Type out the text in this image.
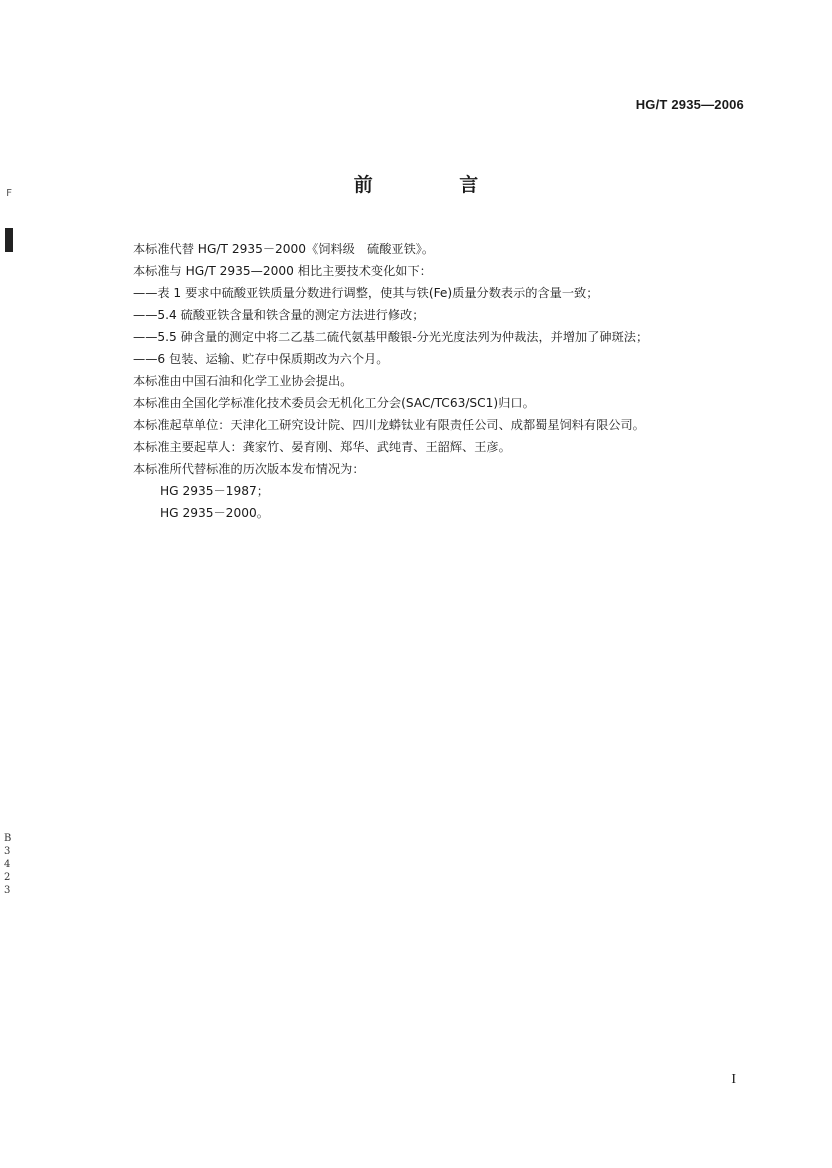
HG/T 2935—2006
F	前 言
本标准代替 HG/T 2935－2000《饲料级　硫酸亚铁》。
本标准与 HG/T 2935—2000 相比主要技术变化如下：
——表 1 要求中硫酸亚铁质量分数进行调整，使其与铁(Fe)质量分数表示的含量一致；
——5.4 硫酸亚铁含量和铁含量的测定方法进行修改；
——5.5 砷含量的测定中将二乙基二硫代氨基甲酸银-分光光度法列为仲裁法，并增加了砷斑法；
——6 包装、运输、贮存中保质期改为六个月。
本标准由中国石油和化学工业协会提出。
本标准由全国化学标准化技术委员会无机化工分会(SAC/TC63/SC1)归口。
本标准起草单位：天津化工研究设计院、四川龙蟒钛业有限责任公司、成都蜀星饲料有限公司。
本标准主要起草人：龚家竹、晏育刚、郑华、武纯青、王韶辉、王彦。
本标准所代替标准的历次版本发布情况为：
HG 2935－1987；
HG 2935－2000。
B
3
4
2
3
I
